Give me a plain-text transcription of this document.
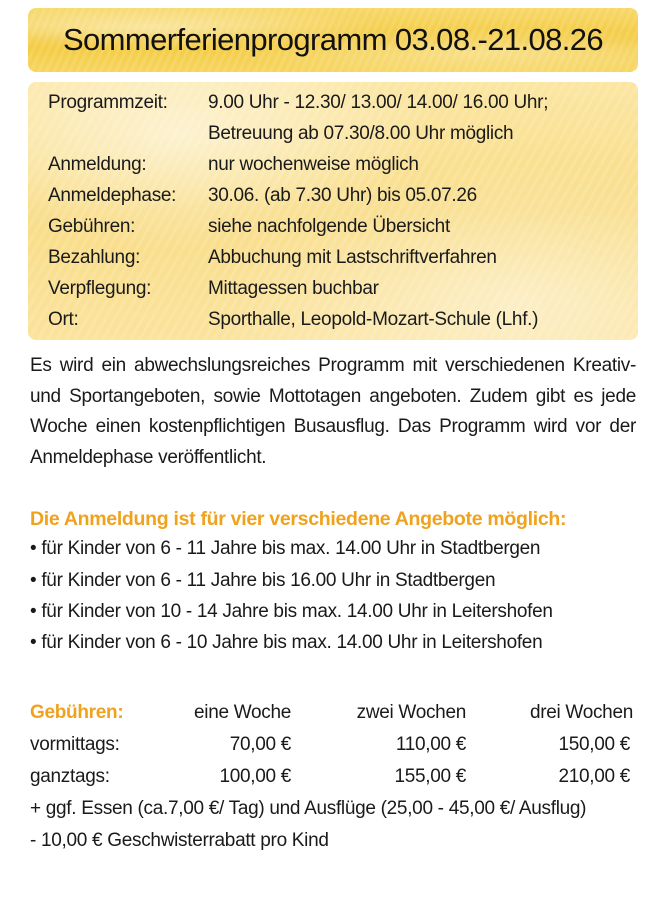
Sommerferienprogramm 03.08.-21.08.26
Programmzeit: 9.00 Uhr - 12.30/ 13.00/ 14.00/ 16.00 Uhr;
Betreuung ab 07.30/8.00 Uhr möglich
Anmeldung:	nur wochenweise möglich
Anmeldephase: 30.06. (ab 7.30 Uhr) bis 05.07.26
Gebühren:	siehe nachfolgende Übersicht
Bezahlung:	Abbuchung mit Lastschriftverfahren
Verpflegung:	Mittagessen buchbar
Ort:	Sporthalle, Leopold-Mozart-Schule (Lhf.)
Es wird ein abwechslungsreiches Programm mit verschiedenen Kreativ- und Sportangeboten, sowie Mottotagen angeboten. Zudem gibt es jede Woche einen kostenpflichtigen Busausflug. Das Programm wird vor der Anmeldephase veröffentlicht.
Die Anmeldung ist für vier verschiedene Angebote möglich:
• für Kinder von 6 - 11 Jahre bis max. 14.00 Uhr in Stadtbergen
• für Kinder von 6 - 11 Jahre bis 16.00 Uhr in Stadtbergen
• für Kinder von 10 - 14 Jahre bis max. 14.00 Uhr in Leitershofen
• für Kinder von 6 - 10 Jahre bis max. 14.00 Uhr in Leitershofen
Gebühren:	eine Woche	zwei Wochen	drei Wochen
vormittags:	70,00 €	110,00 €	150,00 €
ganztags:	100,00 €	155,00 €	210,00 €
+ ggf. Essen (ca.7,00 €/ Tag) und Ausflüge (25,00 - 45,00 €/ Ausflug)
- 10,00 € Geschwisterrabatt pro Kind
